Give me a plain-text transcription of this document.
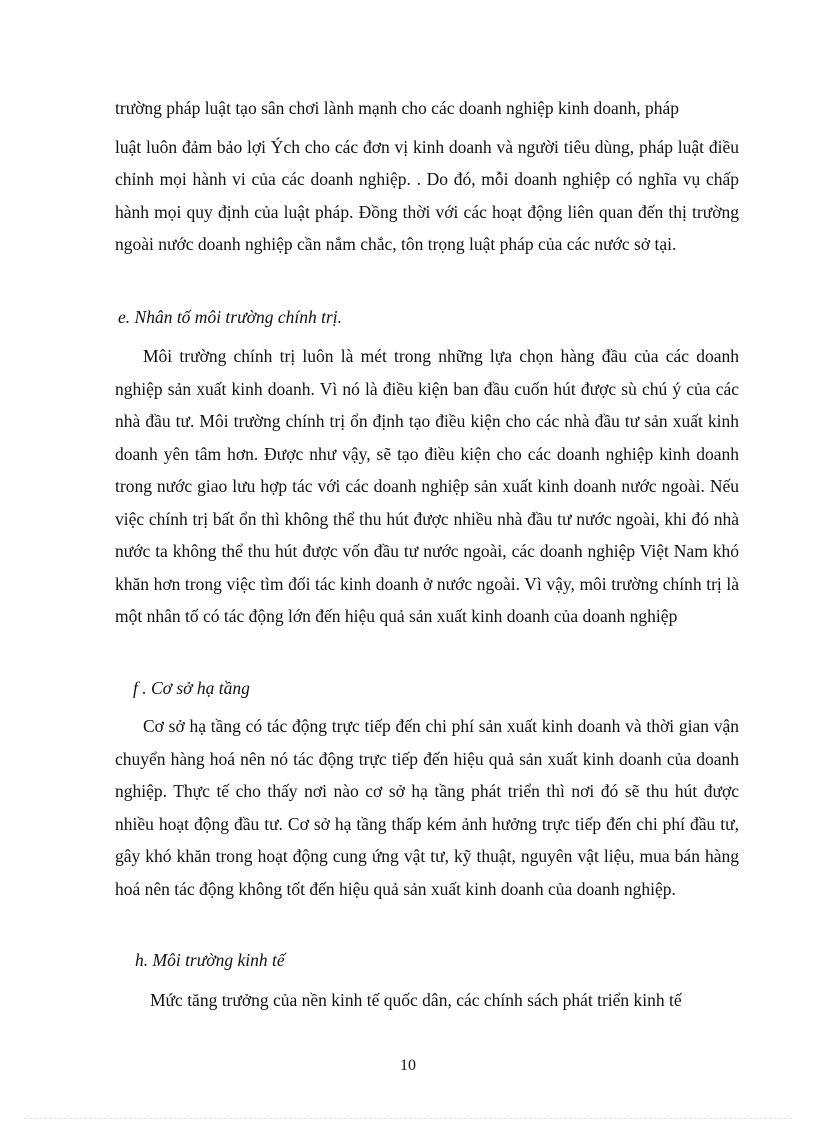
trường pháp luật tạo sân chơi lành mạnh cho các doanh nghiệp kinh doanh, pháp
luật luôn đảm bảo lợi Ých cho các đơn vị kinh doanh và người tiêu dùng, pháp luật điều chỉnh mọi hành vi của các doanh nghiệp. . Do đó, mỗi doanh nghiệp có nghĩa vụ chấp hành mọi quy định của luật pháp. Đồng thời với các hoạt động liên quan đến thị trường ngoài nước doanh nghiệp cần nắm chắc, tôn trọng luật pháp của các nước sở tại.
e. Nhân tố môi trường chính trị.
Môi trường chính trị luôn là mét trong những lựa chọn hàng đầu của các doanh nghiệp sản xuất kinh doanh. Vì nó là điều kiện ban đầu cuốn hút được sù chú ý của các nhà đầu tư. Môi trường chính trị ổn định tạo điều kiện cho các nhà đầu tư sản xuất kinh doanh yên tâm hơn. Được như vậy, sẽ tạo điều kiện cho các doanh nghiệp kinh doanh trong nước giao lưu hợp tác với các doanh nghiệp sản xuất kinh doanh nước ngoài. Nếu việc chính trị bất ổn thì không thể thu hút được nhiều nhà đầu tư nước ngoài, khi đó nhà nước ta không thể thu hút được vốn đầu tư nước ngoài, các doanh nghiệp Việt Nam khó khăn hơn trong việc tìm đối tác kinh doanh ở nước ngoài. Vì vậy, môi trường chính trị là một nhân tố có tác động lớn đến hiệu quả sản xuất kinh doanh của doanh nghiệp
f . Cơ sở hạ tầng
Cơ sở hạ tầng có tác động trực tiếp đến chi phí sản xuất kinh doanh và thời gian vận chuyển hàng hoá nên nó tác động trực tiếp đến hiệu quả sản xuất kinh doanh của doanh nghiệp. Thực tế cho thấy nơi nào cơ sở hạ tầng phát triển thì nơi đó sẽ thu hút được nhiều hoạt động đầu tư. Cơ sở hạ tầng thấp kém ảnh hưởng trực tiếp đến chi phí đầu tư, gây khó khăn trong hoạt động cung ứng vật tư, kỹ thuật, nguyên vật liệu, mua bán hàng hoá nên tác động không tốt đến hiệu quả sản xuất kinh doanh của doanh nghiệp.
h. Môi trường kinh tế
Mức tăng trưởng của nền kinh tế quốc dân, các chính sách phát triển kinh tế
10
